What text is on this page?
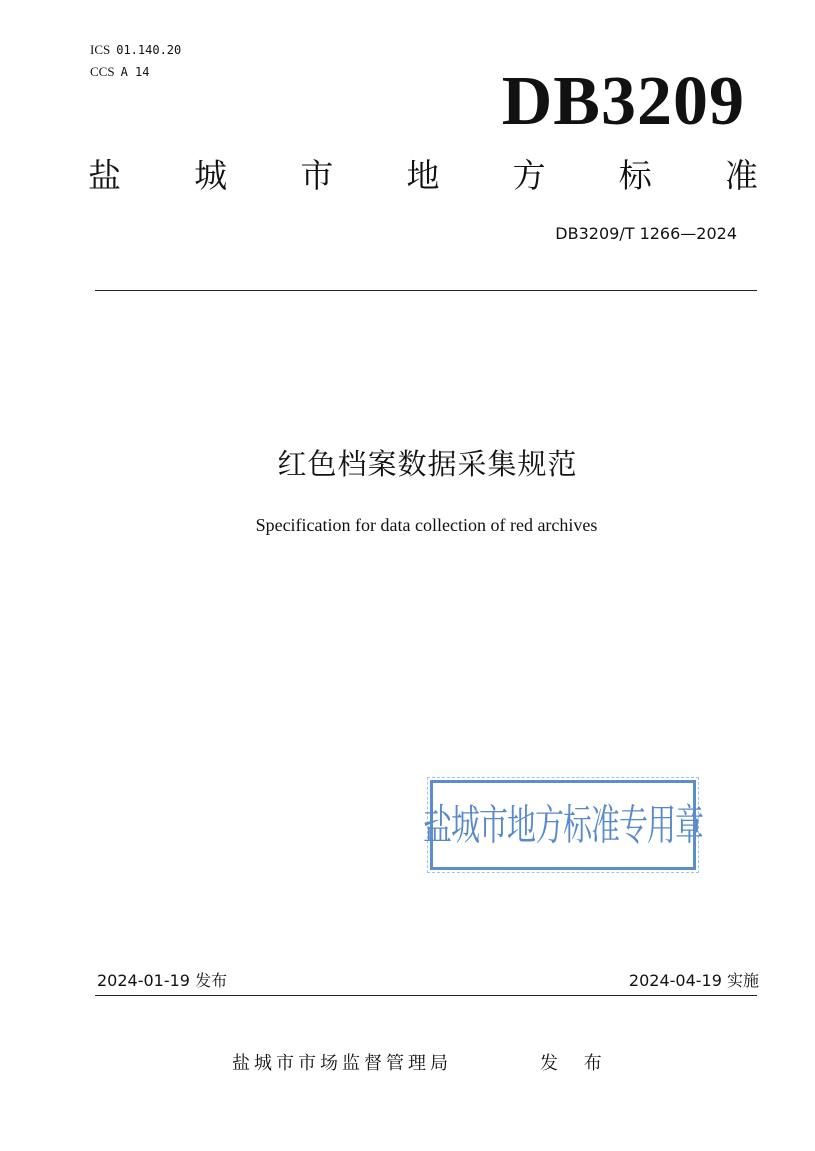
ICS 01.140.20
CCS A 14	DB3209
盐 城 市 地 方 标 准
DB3209/T 1266—2024
红色档案数据采集规范
Specification for data collection of red archives
盐城市地方标准专用章
2024-01-19 发布	2024-04-19 实施
盐城市市场监督管理局	发 布
